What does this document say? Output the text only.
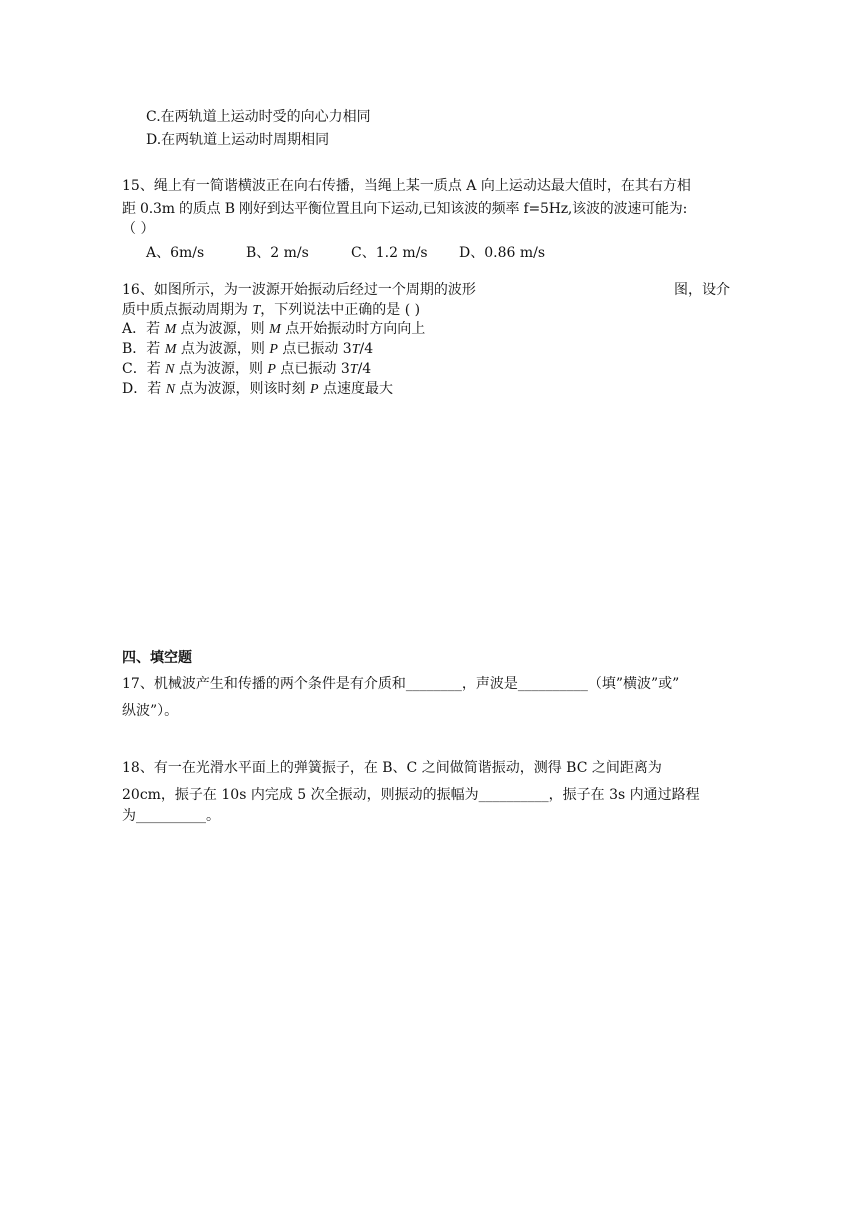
C.在两轨道上运动时受的向心力相同
D.在两轨道上运动时周期相同
15、绳上有一简谐横波正在向右传播，当绳上某一质点 A 向上运动达最大值时，在其右方相
距 0.3m 的质点 B 刚好到达平衡位置且向下运动,已知该波的频率 f=5Hz,该波的波速可能为:
（ ）
A、6m/s	B、2 m/s	C、1.2 m/s D、0.86 m/s
16、如图所示，为一波源开始振动后经过一个周期的波形	图，设介
质中质点振动周期为 T，下列说法中正确的是 ( )
A．若 M 点为波源，则 M 点开始振动时方向向上
B．若 M 点为波源，则 P 点已振动 3T/4
C．若 N 点为波源，则 P 点已振动 3T/4
D．若 N 点为波源，则该时刻 P 点速度最大
四、填空题
17、机械波产生和传播的两个条件是有介质和________，声波是__________（填”横波”或”
纵波”）。
18、有一在光滑水平面上的弹簧振子，在 B、C 之间做简谐振动，测得 BC 之间距离为
20cm，振子在 10s 内完成 5 次全振动，则振动的振幅为__________，振子在 3s 内通过路程
为__________。
